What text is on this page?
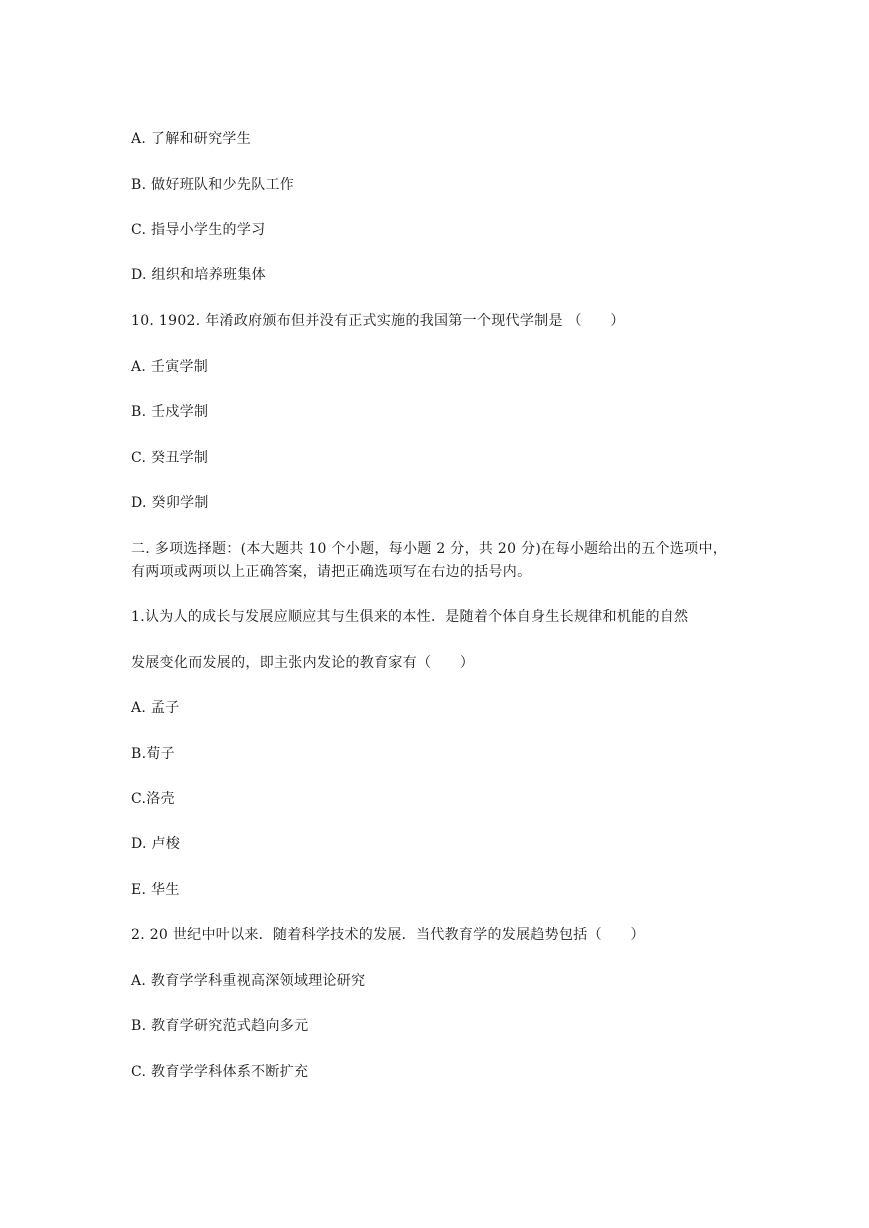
A. 了解和研究学生
B. 做好班队和少先队工作
C. 指导小学生的学习
D. 组织和培养班集体
10. 1902. 年淆政府颁布但并没有正式实施的我国第一个现代学制是 （　　）
A. 壬寅学制
B. 壬戍学制
C. 癸丑学制
D. 癸卯学制
二. 多项选择题：(本大题共 10 个小题，每小题 2 分，共 20 分)在每小题给出的五个选项中，
有两项或两项以上正确答案，请把正确选项写在右边的括号内。
1.认为人的成长与发展应顺应其与生俱来的本性．是随着个体自身生长规律和机能的自然
发展变化而发展的，即主张内发论的教育家有（　　）
A. 孟子
B.荀子
C.洛壳
D. 卢梭
E. 华生
2. 20 世纪中叶以来．随着科学技术的发展．当代教育学的发展趋势包括（　　）
A. 教育学学科重视高深领域理论研究
B. 教育学研究范式趋向多元
C. 教育学学科体系不断扩充
